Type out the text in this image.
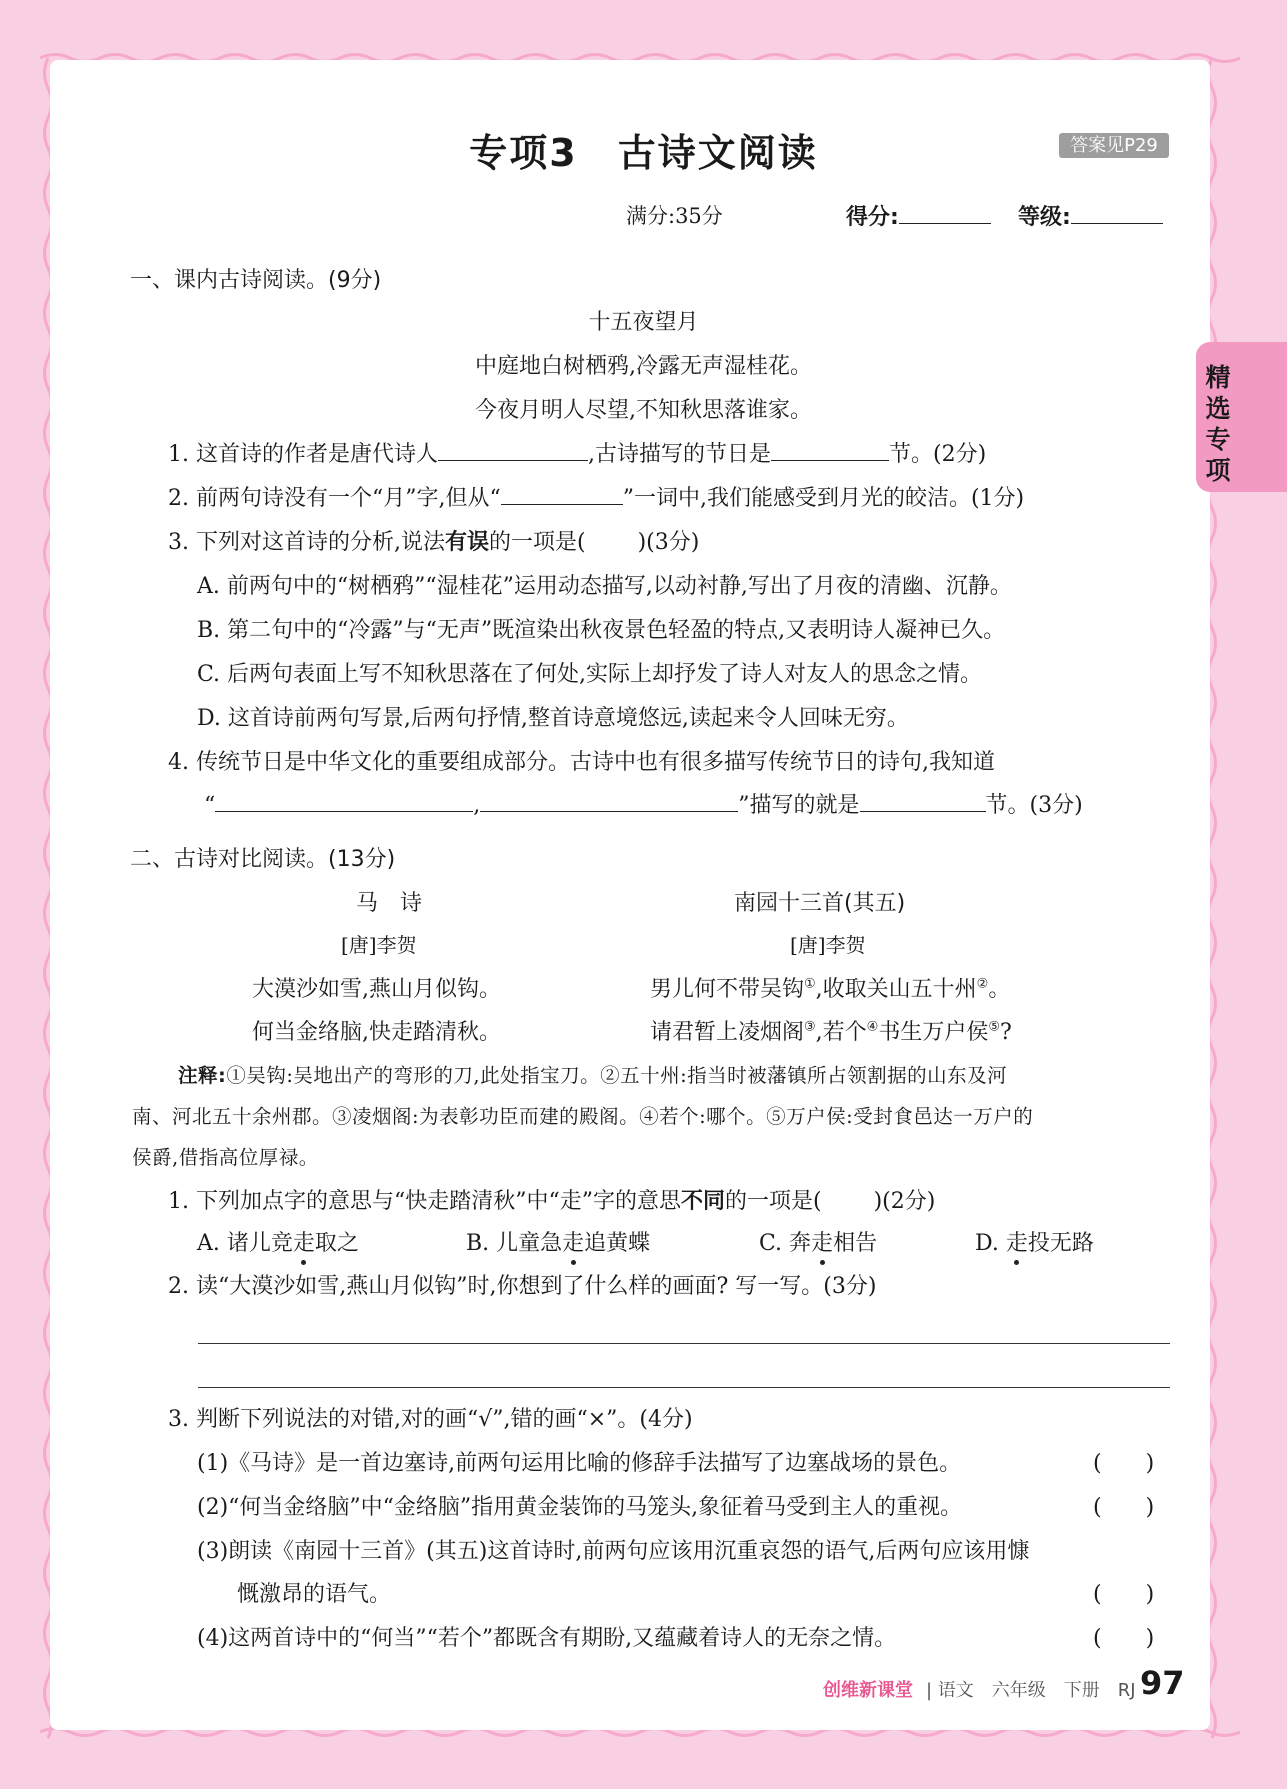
精选专项
专项3　古诗文阅读	答案见P29
满分:35分	得分:	等级:
一、课内古诗阅读。(9分)
十五夜望月
中庭地白树栖鸦,冷露无声湿桂花。
今夜月明人尽望,不知秋思落谁家。
1. 这首诗的作者是唐代诗人	,古诗描写的节日是	节。(2分)
2. 前两句诗没有一个“月”字,但从“	”一词中,我们能感受到月光的皎洁。(1分)
3. 下列对这首诗的分析,说法有误的一项是( )(3分)
A. 前两句中的“树栖鸦”“湿桂花”运用动态描写,以动衬静,写出了月夜的清幽、沉静。
B. 第二句中的“冷露”与“无声”既渲染出秋夜景色轻盈的特点,又表明诗人凝神已久。
C. 后两句表面上写不知秋思落在了何处,实际上却抒发了诗人对友人的思念之情。
D. 这首诗前两句写景,后两句抒情,整首诗意境悠远,读起来令人回味无穷。
4. 传统节日是中华文化的重要组成部分。古诗中也有很多描写传统节日的诗句,我知道
“	,	”描写的就是	节。(3分)
二、古诗对比阅读。(13分)
马　诗	南园十三首(其五)
[唐]李贺	[唐]李贺
大漠沙如雪,燕山月似钩。
何当金络脑,快走踏清秋。
男儿何不带吴钩①,收取关山五十州②。
请君暂上凌烟阁③,若个④书生万户侯⑤?
注释:①吴钩:吴地出产的弯形的刀,此处指宝刀。②五十州:指当时被藩镇所占领割据的山东及河
南、河北五十余州郡。③凌烟阁:为表彰功臣而建的殿阁。④若个:哪个。⑤万户侯:受封食邑达一万户的
侯爵,借指高位厚禄。
1. 下列加点字的意思与“快走踏清秋”中“走”字的意思不同的一项是( )(2分)
A. 诸儿竞走取之	B. 儿童急走追黄蝶	C. 奔走相告	D. 走投无路
2. 读“大漠沙如雪,燕山月似钩”时,你想到了什么样的画面? 写一写。(3分)
3. 判断下列说法的对错,对的画“√”,错的画“×”。(4分)
(1)《马诗》是一首边塞诗,前两句运用比喻的修辞手法描写了边塞战场的景色。	(　　)
(2)“何当金络脑”中“金络脑”指用黄金装饰的马笼头,象征着马受到主人的重视。	(　　)
(3)朗读《南园十三首》(其五)这首诗时,前两句应该用沉重哀怨的语气,后两句应该用慷
慨激昂的语气。	(　　)
(4)这两首诗中的“何当”“若个”都既含有期盼,又蕴藏着诗人的无奈之情。	(　　)
创维新课堂 | 语文　六年级　下册　RJ 97
